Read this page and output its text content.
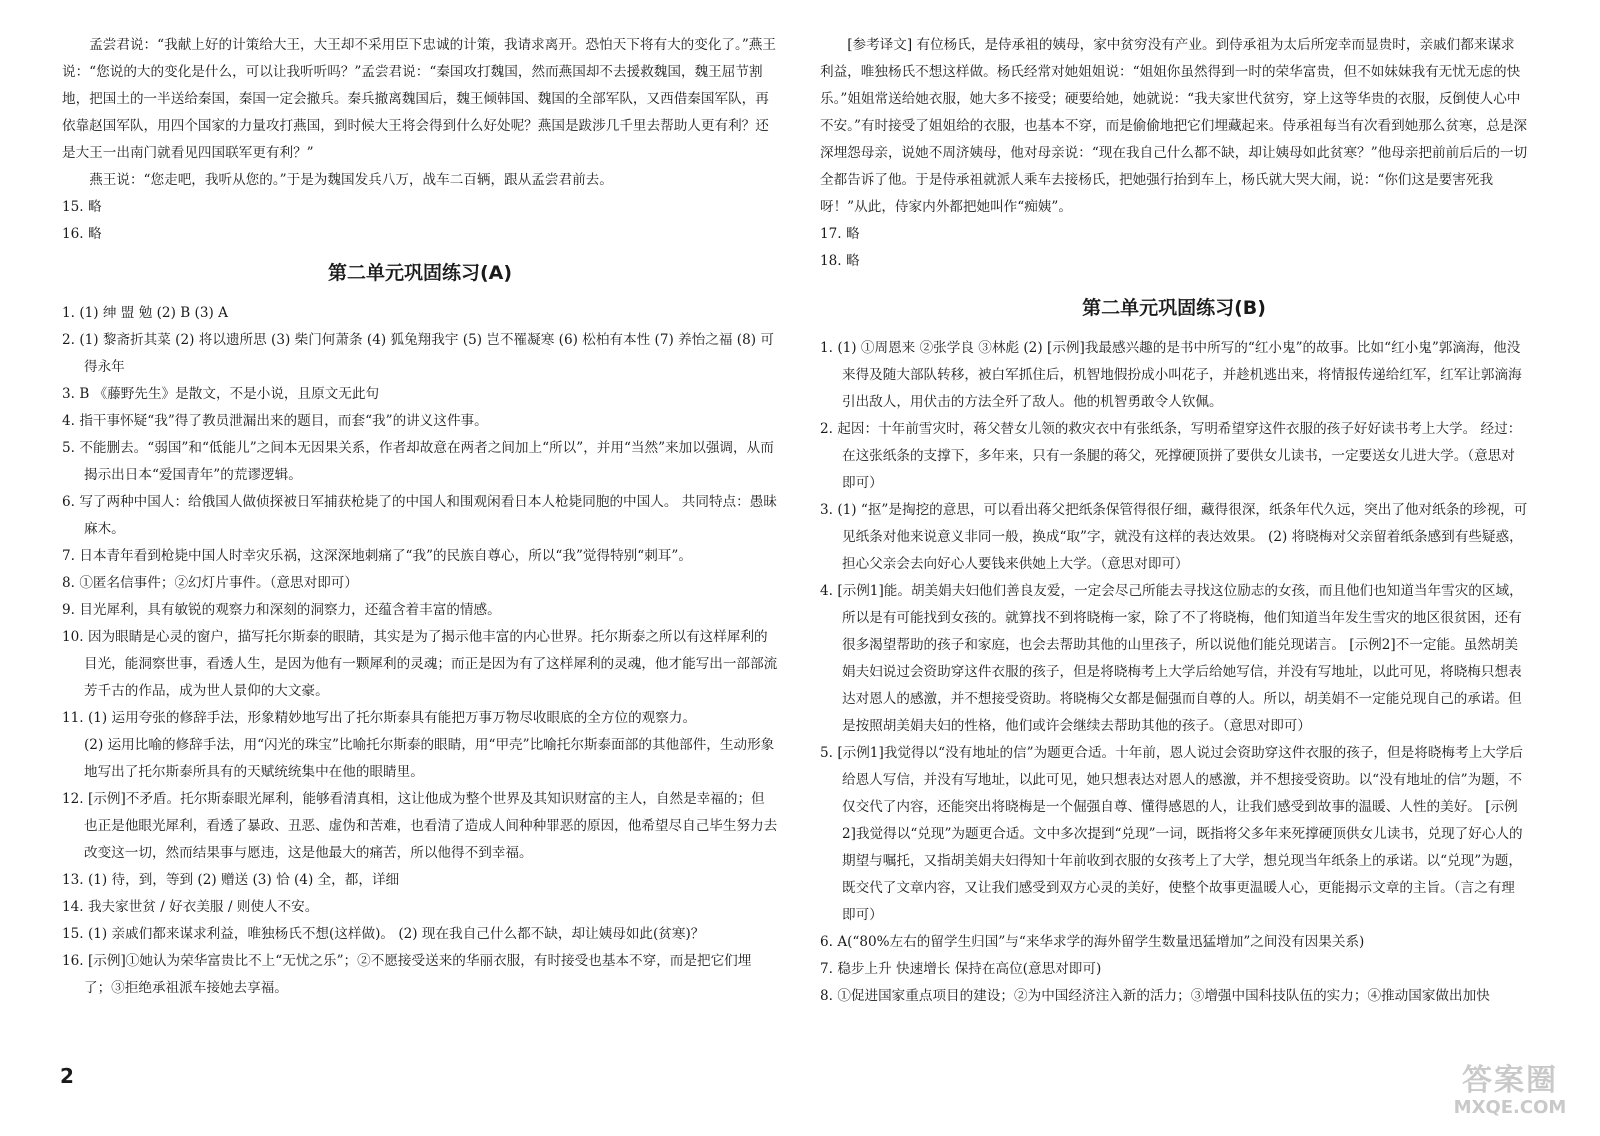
孟尝君说：“我献上好的计策给大王，大王却不采用臣下忠诚的计策，我请求离开。恐怕天下将有大的变化了。”燕王说：“您说的大的变化是什么，可以让我听听吗？”孟尝君说：“秦国攻打魏国，然而燕国却不去援救魏国，魏王屈节割地，把国土的一半送给秦国，秦国一定会撤兵。秦兵撤离魏国后，魏王倾韩国、魏国的全部军队，又西借秦国军队，再依靠赵国军队，用四个国家的力量攻打燕国，到时候大王将会得到什么好处呢？燕国是跋涉几千里去帮助人更有利？还是大王一出南门就看见四国联军更有利？”

燕王说：“您走吧，我听从您的。”于是为魏国发兵八万，战车二百辆，跟从孟尝君前去。

15. 略
16. 略
第二单元巩固练习(A)
1. (1) 绅 盟 勉 (2) B (3) A
2. (1) 黎斋折其菜 (2) 将以遗所思 (3) 柴门何萧条 (4) 狐兔翔我宇 (5) 岂不罹凝寒 (6) 松柏有本性 (7) 养怡之福 (8) 可得永年
3. B 《藤野先生》是散文，不是小说，且原文无此句
4. 指干事怀疑“我”得了教员泄漏出来的题目，而套“我”的讲义这件事。
5. 不能删去。“弱国”和“低能儿”之间本无因果关系，作者却故意在两者之间加上“所以”，并用“当然”来加以强调，从而揭示出日本“爱国青年”的荒谬逻辑。
6. 写了两种中国人：给俄国人做侦探被日军捕获枪毙了的中国人和围观闲看日本人枪毙同胞的中国人。 共同特点：愚昧麻木。
7. 日本青年看到枪毙中国人时幸灾乐祸，这深深地刺痛了“我”的民族自尊心，所以“我”觉得特别“刺耳”。
8. ①匿名信事件；②幻灯片事件。（意思对即可）
9. 目光犀利，具有敏锐的观察力和深刻的洞察力，还蕴含着丰富的情感。
10. 因为眼睛是心灵的窗户，描写托尔斯泰的眼睛，其实是为了揭示他丰富的内心世界。托尔斯泰之所以有这样犀利的目光，能洞察世事，看透人生，是因为他有一颗犀利的灵魂；而正是因为有了这样犀利的灵魂，他才能写出一部部流芳千古的作品，成为世人景仰的大文豪。
11. (1) 运用夸张的修辞手法，形象精妙地写出了托尔斯泰具有能把万事万物尽收眼底的全方位的观察力。
(2) 运用比喻的修辞手法，用“闪光的珠宝”比喻托尔斯泰的眼睛，用“甲壳”比喻托尔斯泰面部的其他部件，生动形象地写出了托尔斯泰所具有的天赋统统集中在他的眼睛里。
12. [示例]不矛盾。托尔斯泰眼光犀利，能够看清真相，这让他成为整个世界及其知识财富的主人，自然是幸福的；但也正是他眼光犀利，看透了暴政、丑恶、虚伪和苦难，也看清了造成人间种种罪恶的原因，他希望尽自己毕生努力去改变这一切，然而结果事与愿违，这是他最大的痛苦，所以他得不到幸福。
13. (1) 待，到，等到 (2) 赠送 (3) 恰 (4) 全，都，详细
14. 我夫家世贫 / 好衣美服 / 则使人不安。
15. (1) 亲戚们都来谋求利益，唯独杨氏不想(这样做)。 (2) 现在我自己什么都不缺，却让姨母如此(贫寒)？
16. [示例]①她认为荣华富贵比不上“无忧之乐”；②不愿接受送来的华丽衣服，有时接受也基本不穿，而是把它们埋了；③拒绝承祖派车接她去享福。

[参考译文] 有位杨氏，是侍承祖的姨母，家中贫穷没有产业。到侍承祖为太后所宠幸而显贵时，亲戚们都来谋求利益，唯独杨氏不想这样做。杨氏经常对她姐姐说：“姐姐你虽然得到一时的荣华富贵，但不如妹妹我有无忧无虑的快乐。”姐姐常送给她衣服，她大多不接受；硬要给她，她就说：“我夫家世代贫穷，穿上这等华贵的衣服，反倒使人心中不安。”有时接受了姐姐给的衣服，也基本不穿，而是偷偷地把它们埋藏起来。侍承祖每当有次看到她那么贫寒，总是深深埋怨母亲，说她不周济姨母，他对母亲说：“现在我自己什么都不缺，却让姨母如此贫寒？”他母亲把前前后后的一切全都告诉了他。于是侍承祖就派人乘车去接杨氏，把她强行抬到车上，杨氏就大哭大闹，说：“你们这是要害死我呀！”从此，侍家内外都把她叫作“痴姨”。

17. 略
18. 略
第二单元巩固练习(B)
1. (1) ①周恩来 ②张学良 ③林彪 (2) [示例]我最感兴趣的是书中所写的“红小鬼”的故事。比如“红小鬼”郭滴海，他没来得及随大部队转移，被白军抓住后，机智地假扮成小叫花子，并趁机逃出来，将情报传递给红军，红军让郭滴海引出敌人，用伏击的方法全歼了敌人。他的机智勇敢令人钦佩。
2. 起因：十年前雪灾时，蒋父替女儿领的救灾衣中有张纸条，写明希望穿这件衣服的孩子好好读书考上大学。 经过：在这张纸条的支撑下，多年来，只有一条腿的蒋父，死撑硬顶拼了要供女儿读书，一定要送女儿进大学。（意思对即可）
3. (1) “抠”是掏挖的意思，可以看出蒋父把纸条保管得很仔细，藏得很深，纸条年代久远，突出了他对纸条的珍视，可见纸条对他来说意义非同一般，换成“取”字，就没有这样的表达效果。 (2) 将晓梅对父亲留着纸条感到有些疑惑，担心父亲会去向好心人要钱来供她上大学。（意思对即可）
4. [示例1]能。胡美娟夫妇他们善良友爱，一定会尽己所能去寻找这位励志的女孩，而且他们也知道当年雪灾的区域，所以是有可能找到女孩的。就算找不到将晓梅一家，除了不了将晓梅，他们知道当年发生雪灾的地区很贫困，还有很多渴望帮助的孩子和家庭，也会去帮助其他的山里孩子，所以说他们能兑现诺言。 [示例2]不一定能。虽然胡美娟夫妇说过会资助穿这件衣服的孩子，但是将晓梅考上大学后给她写信，并没有写地址，以此可见，将晓梅只想表达对恩人的感激，并不想接受资助。将晓梅父女都是倔强而自尊的人。所以，胡美娟不一定能兑现自己的承诺。但是按照胡美娟夫妇的性格，他们或许会继续去帮助其他的孩子。（意思对即可）
5. [示例1]我觉得以“没有地址的信”为题更合适。十年前，恩人说过会资助穿这件衣服的孩子，但是将晓梅考上大学后给恩人写信，并没有写地址，以此可见，她只想表达对恩人的感激，并不想接受资助。以“没有地址的信”为题，不仅交代了内容，还能突出将晓梅是一个倔强自尊、懂得感恩的人，让我们感受到故事的温暖、人性的美好。 [示例2]我觉得以“兑现”为题更合适。文中多次提到“兑现”一词，既指将父多年来死撑硬顶供女儿读书，兑现了好心人的期望与嘱托，又指胡美娟夫妇得知十年前收到衣服的女孩考上了大学，想兑现当年纸条上的承诺。以“兑现”为题，既交代了文章内容，又让我们感受到双方心灵的美好，使整个故事更温暖人心，更能揭示文章的主旨。（言之有理即可）
6. A(“80%左右的留学生归国”与“来华求学的海外留学生数量迅猛增加”之间没有因果关系)
7. 稳步上升 快速增长 保持在高位(意思对即可)
8. ①促进国家重点项目的建设；②为中国经济注入新的活力；③增强中国科技队伍的实力；④推动国家做出加快
2	答案圈
MXQE.COM
